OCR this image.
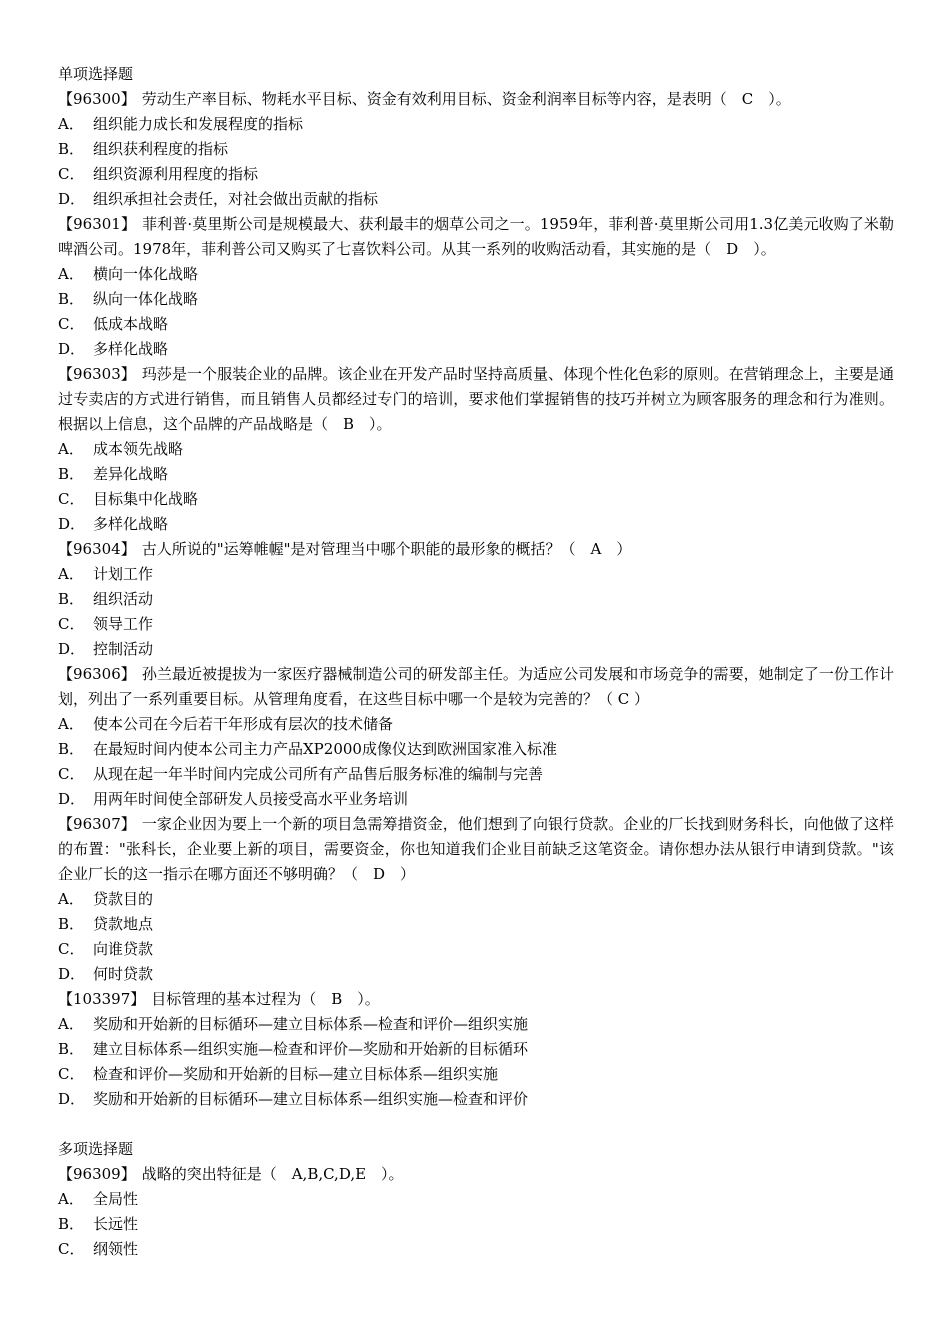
单项选择题

【96300】 劳动生产率目标、物耗水平目标、资金有效利用目标、资金利润率目标等内容，是表明（　C　）。

A． 组织能力成长和发展程度的指标
B． 组织获利程度的指标
C． 组织资源利用程度的指标
D． 组织承担社会责任，对社会做出贡献的指标

【96301】 菲利普·莫里斯公司是规模最大、获利最丰的烟草公司之一。1959年，菲利普·莫里斯公司用1.3亿美元收购了米勒啤酒公司。1978年，菲利普公司又购买了七喜饮料公司。从其一系列的收购活动看，其实施的是（　D　）。

A． 横向一体化战略
B． 纵向一体化战略
C． 低成本战略
D． 多样化战略

【96303】 玛莎是一个服装企业的品牌。该企业在开发产品时坚持高质量、体现个性化色彩的原则。在营销理念上，主要是通过专卖店的方式进行销售，而且销售人员都经过专门的培训，要求他们掌握销售的技巧并树立为顾客服务的理念和行为准则。根据以上信息，这个品牌的产品战略是（　B　）。

A． 成本领先战略
B． 差异化战略
C． 目标集中化战略
D． 多样化战略

【96304】 古人所说的"运筹帷幄"是对管理当中哪个职能的最形象的概括？（　A　）

A． 计划工作
B． 组织活动
C． 领导工作
D． 控制活动

【96306】 孙兰最近被提拔为一家医疗器械制造公司的研发部主任。为适应公司发展和市场竞争的需要，她制定了一份工作计划，列出了一系列重要目标。从管理角度看，在这些目标中哪一个是较为完善的？（ C ）

A． 使本公司在今后若干年形成有层次的技术储备
B． 在最短时间内使本公司主力产品XP2000成像仪达到欧洲国家准入标准
C． 从现在起一年半时间内完成公司所有产品售后服务标准的编制与完善
D． 用两年时间使全部研发人员接受高水平业务培训

【96307】 一家企业因为要上一个新的项目急需筹措资金，他们想到了向银行贷款。企业的厂长找到财务科长，向他做了这样的布置："张科长，企业要上新的项目，需要资金，你也知道我们企业目前缺乏这笔资金。请你想办法从银行申请到贷款。"该企业厂长的这一指示在哪方面还不够明确？（　D　）

A． 贷款目的
B． 贷款地点
C． 向谁贷款
D． 何时贷款

【103397】 目标管理的基本过程为（　B　）。

A． 奖励和开始新的目标循环—建立目标体系—检查和评价—组织实施
B． 建立目标体系—组织实施—检查和评价—奖励和开始新的目标循环
C． 检查和评价—奖励和开始新的目标—建立目标体系—组织实施
D． 奖励和开始新的目标循环—建立目标体系—组织实施—检查和评价
多项选择题

【96309】 战略的突出特征是（　A,B,C,D,E　）。

A． 全局性
B． 长远性
C． 纲领性
